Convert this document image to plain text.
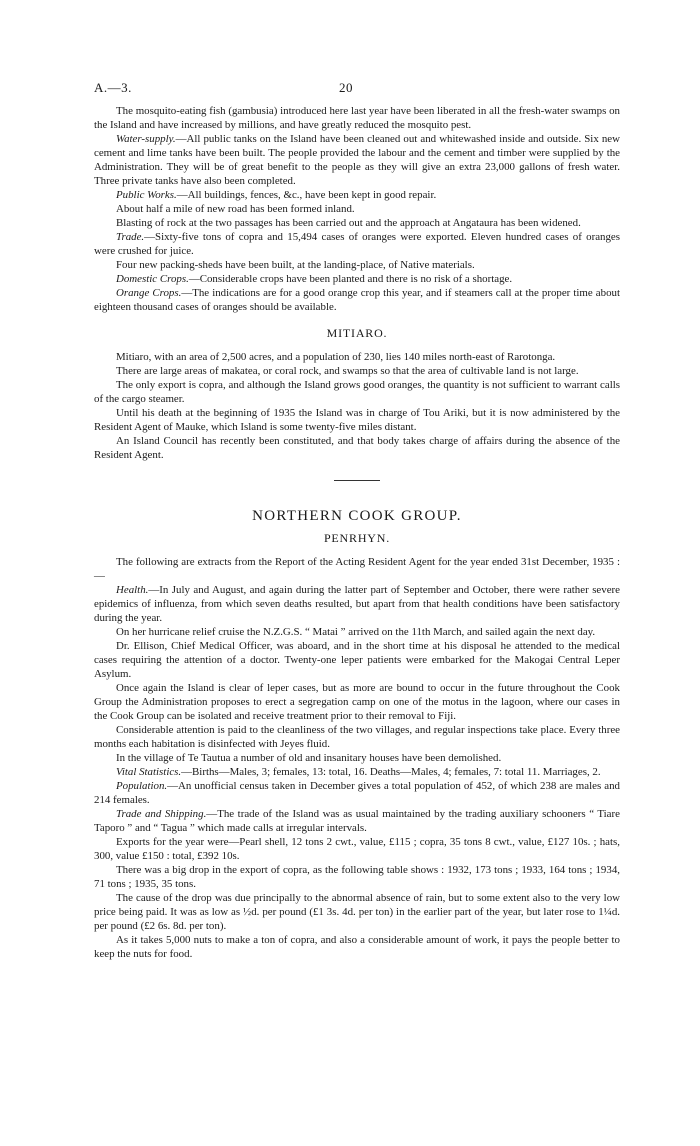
A.—3.	20

The mosquito-eating fish (gambusia) introduced here last year have been liberated in all the fresh-water swamps on the Island and have increased by millions, and have greatly reduced the mosquito pest.

Water-supply.—All public tanks on the Island have been cleaned out and whitewashed inside and outside. Six new cement and lime tanks have been built. The people provided the labour and the cement and timber were supplied by the Administration. They will be of great benefit to the people as they will give an extra 23,000 gallons of fresh water. Three private tanks have also been completed.

Public Works.—All buildings, fences, &c., have been kept in good repair.

About half a mile of new road has been formed inland.

Blasting of rock at the two passages has been carried out and the approach at Angataura has been widened.

Trade.—Sixty-five tons of copra and 15,494 cases of oranges were exported. Eleven hundred cases of oranges were crushed for juice.

Four new packing-sheds have been built, at the landing-place, of Native materials.

Domestic Crops.—Considerable crops have been planted and there is no risk of a shortage.

Orange Crops.—The indications are for a good orange crop this year, and if steamers call at the proper time about eighteen thousand cases of oranges should be available.

MITIARO.

Mitiaro, with an area of 2,500 acres, and a population of 230, lies 140 miles north-east of Rarotonga.

There are large areas of makatea, or coral rock, and swamps so that the area of cultivable land is not large.

The only export is copra, and although the Island grows good oranges, the quantity is not sufficient to warrant calls of the cargo steamer.

Until his death at the beginning of 1935 the Island was in charge of Tou Ariki, but it is now administered by the Resident Agent of Mauke, which Island is some twenty-five miles distant.

An Island Council has recently been constituted, and that body takes charge of affairs during the absence of the Resident Agent.

NORTHERN COOK GROUP.
PENRHYN.

The following are extracts from the Report of the Acting Resident Agent for the year ended 31st December, 1935 :—

Health.—In July and August, and again during the latter part of September and October, there were rather severe epidemics of influenza, from which seven deaths resulted, but apart from that health conditions have been satisfactory during the year.

On her hurricane relief cruise the N.Z.G.S. “ Matai ” arrived on the 11th March, and sailed again the next day.

Dr. Ellison, Chief Medical Officer, was aboard, and in the short time at his disposal he attended to the medical cases requiring the attention of a doctor. Twenty-one leper patients were embarked for the Makogai Central Leper Asylum.

Once again the Island is clear of leper cases, but as more are bound to occur in the future throughout the Cook Group the Administration proposes to erect a segregation camp on one of the motus in the lagoon, where our cases in the Cook Group can be isolated and receive treatment prior to their removal to Fiji.

Considerable attention is paid to the cleanliness of the two villages, and regular inspections take place. Every three months each habitation is disinfected with Jeyes fluid.

In the village of Te Tautua a number of old and insanitary houses have been demolished.

Vital Statistics.—Births—Males, 3; females, 13: total, 16. Deaths—Males, 4; females, 7: total 11. Marriages, 2.

Population.—An unofficial census taken in December gives a total population of 452, of which 238 are males and 214 females.

Trade and Shipping.—The trade of the Island was as usual maintained by the trading auxiliary schooners “ Tiare Taporo ” and “ Tagua ” which made calls at irregular intervals.

Exports for the year were—Pearl shell, 12 tons 2 cwt., value, £115 ; copra, 35 tons 8 cwt., value, £127 10s. ; hats, 300, value £150 : total, £392 10s.

There was a big drop in the export of copra, as the following table shows : 1932, 173 tons ; 1933, 164 tons ; 1934, 71 tons ; 1935, 35 tons.

The cause of the drop was due principally to the abnormal absence of rain, but to some extent also to the very low price being paid. It was as low as ½d. per pound (£1 3s. 4d. per ton) in the earlier part of the year, but later rose to 1¼d. per pound (£2 6s. 8d. per ton).

As it takes 5,000 nuts to make a ton of copra, and also a considerable amount of work, it pays the people better to keep the nuts for food.
